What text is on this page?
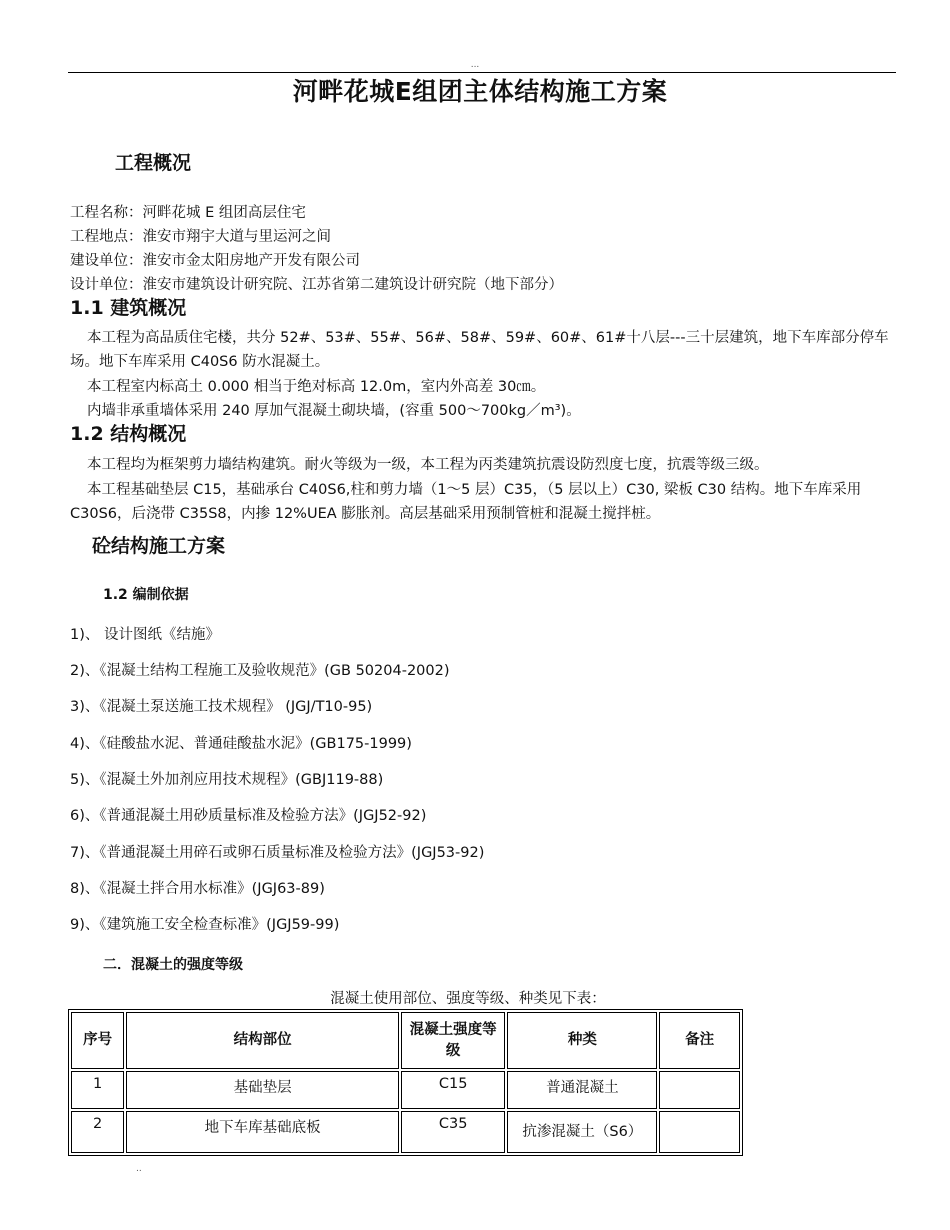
...
河畔花城E组团主体结构施工方案
工程概况
工程名称：河畔花城 E 组团高层住宅
工程地点：淮安市翔宇大道与里运河之间
建设单位：淮安市金太阳房地产开发有限公司
设计单位：淮安市建筑设计研究院、江苏省第二建筑设计研究院（地下部分）
1.1 建筑概况
本工程为高品质住宅楼，共分 52#、53#、55#、56#、58#、59#、60#、61#十八层---三十层建筑，地下车库部分停车场。地下车库采用 C40S6 防水混凝土。
本工程室内标高土 0.000 相当于绝对标高 12.0m，室内外高差 30㎝。
内墙非承重墙体采用 240 厚加气混凝土砌块墙，(容重 500～700kg／m³)。
1.2 结构概况
本工程均为框架剪力墙结构建筑。耐火等级为一级，本工程为丙类建筑抗震设防烈度七度，抗震等级三级。
本工程基础垫层 C15，基础承台 C40S6,柱和剪力墙（1～5 层）C35，（5 层以上）C30, 梁板 C30 结构。地下车库采用 C30S6，后浇带 C35S8，内掺 12%UEA 膨胀剂。高层基础采用预制管桩和混凝土搅拌桩。
砼结构施工方案
1.2 编制依据
1)、 设计图纸《结施》
2)、《混凝土结构工程施工及验收规范》(GB 50204-2002)
3)、《混凝土泵送施工技术规程》 (JGJ/T10-95)
4)、《硅酸盐水泥、普通硅酸盐水泥》(GB175-1999)
5)、《混凝土外加剂应用技术规程》(GBJ119-88)
6)、《普通混凝土用砂质量标准及检验方法》(JGJ52-92)
7)、《普通混凝土用碎石或卵石质量标准及检验方法》(JGJ53-92)
8)、《混凝土拌合用水标准》(JGJ63-89)
9)、《建筑施工安全检查标准》(JGJ59-99)
二．混凝土的强度等级
混凝土使用部位、强度等级、种类见下表：
序号	结构部位	混凝土强度等级	种类	备注
1	基础垫层	C15	普通混凝土	
2	地下车库基础底板	C35	抗渗混凝土（S6）	
..
